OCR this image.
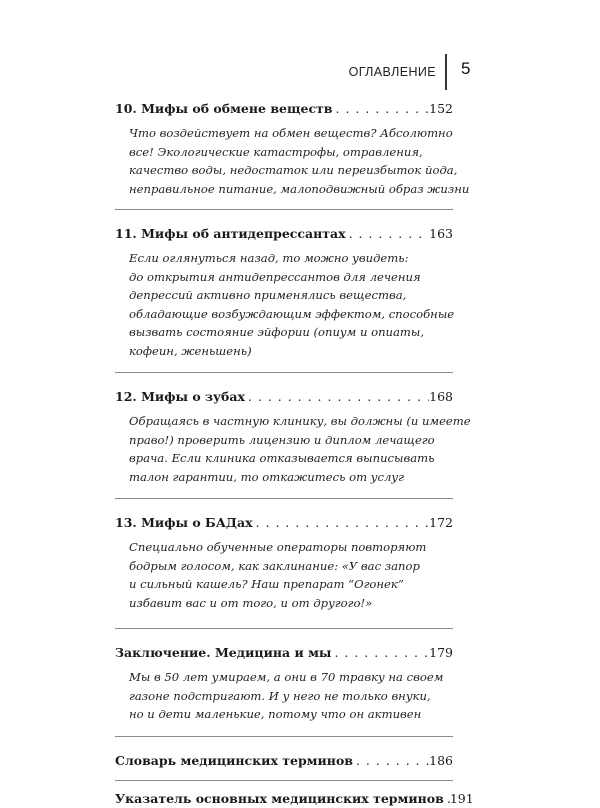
ОГЛАВЛЕНИЕ 5
10. Мифы об обмене веществ . . .	152
Что воздействует на обмен веществ? Абсолютно
все! Экологические катастрофы, отравления,
качество воды, недостаток или переизбыток йода,
неправильное питание, малоподвижный образ жизни
11. Мифы об антидепрессантах . . .	163
Если оглянуться назад, то можно увидеть:
до открытия антидепрессантов для лечения
депрессий активно применялись вещества,
обладающие возбуждающим эффектом, способные
вызвать состояние эйфории (опиум и опиаты,
кофеин, женьшень)
12. Мифы о зубах . . .	168
Обращаясь в частную клинику, вы должны (и имеете
право!) проверить лицензию и диплом лечащего
врача. Если клиника отказывается выписывать
талон гарантии, то откажитесь от услуг
13. Мифы о БАДах . . .	172
Специально обученные операторы повторяют
бодрым голосом, как заклинание: «У вас запор
и сильный кашель? Наш препарат “Огонек”
избавит вас и от того, и от другого!»
Заключение. Медицина и мы . . .	179
Мы в 50 лет умираем, а они в 70 травку на своем
газоне подстригают. И у него не только внуки,
но и дети маленькие, потому что он активен
Словарь медицинских терминов . . .	186
Указатель основных медицинских терминов . . . 191
